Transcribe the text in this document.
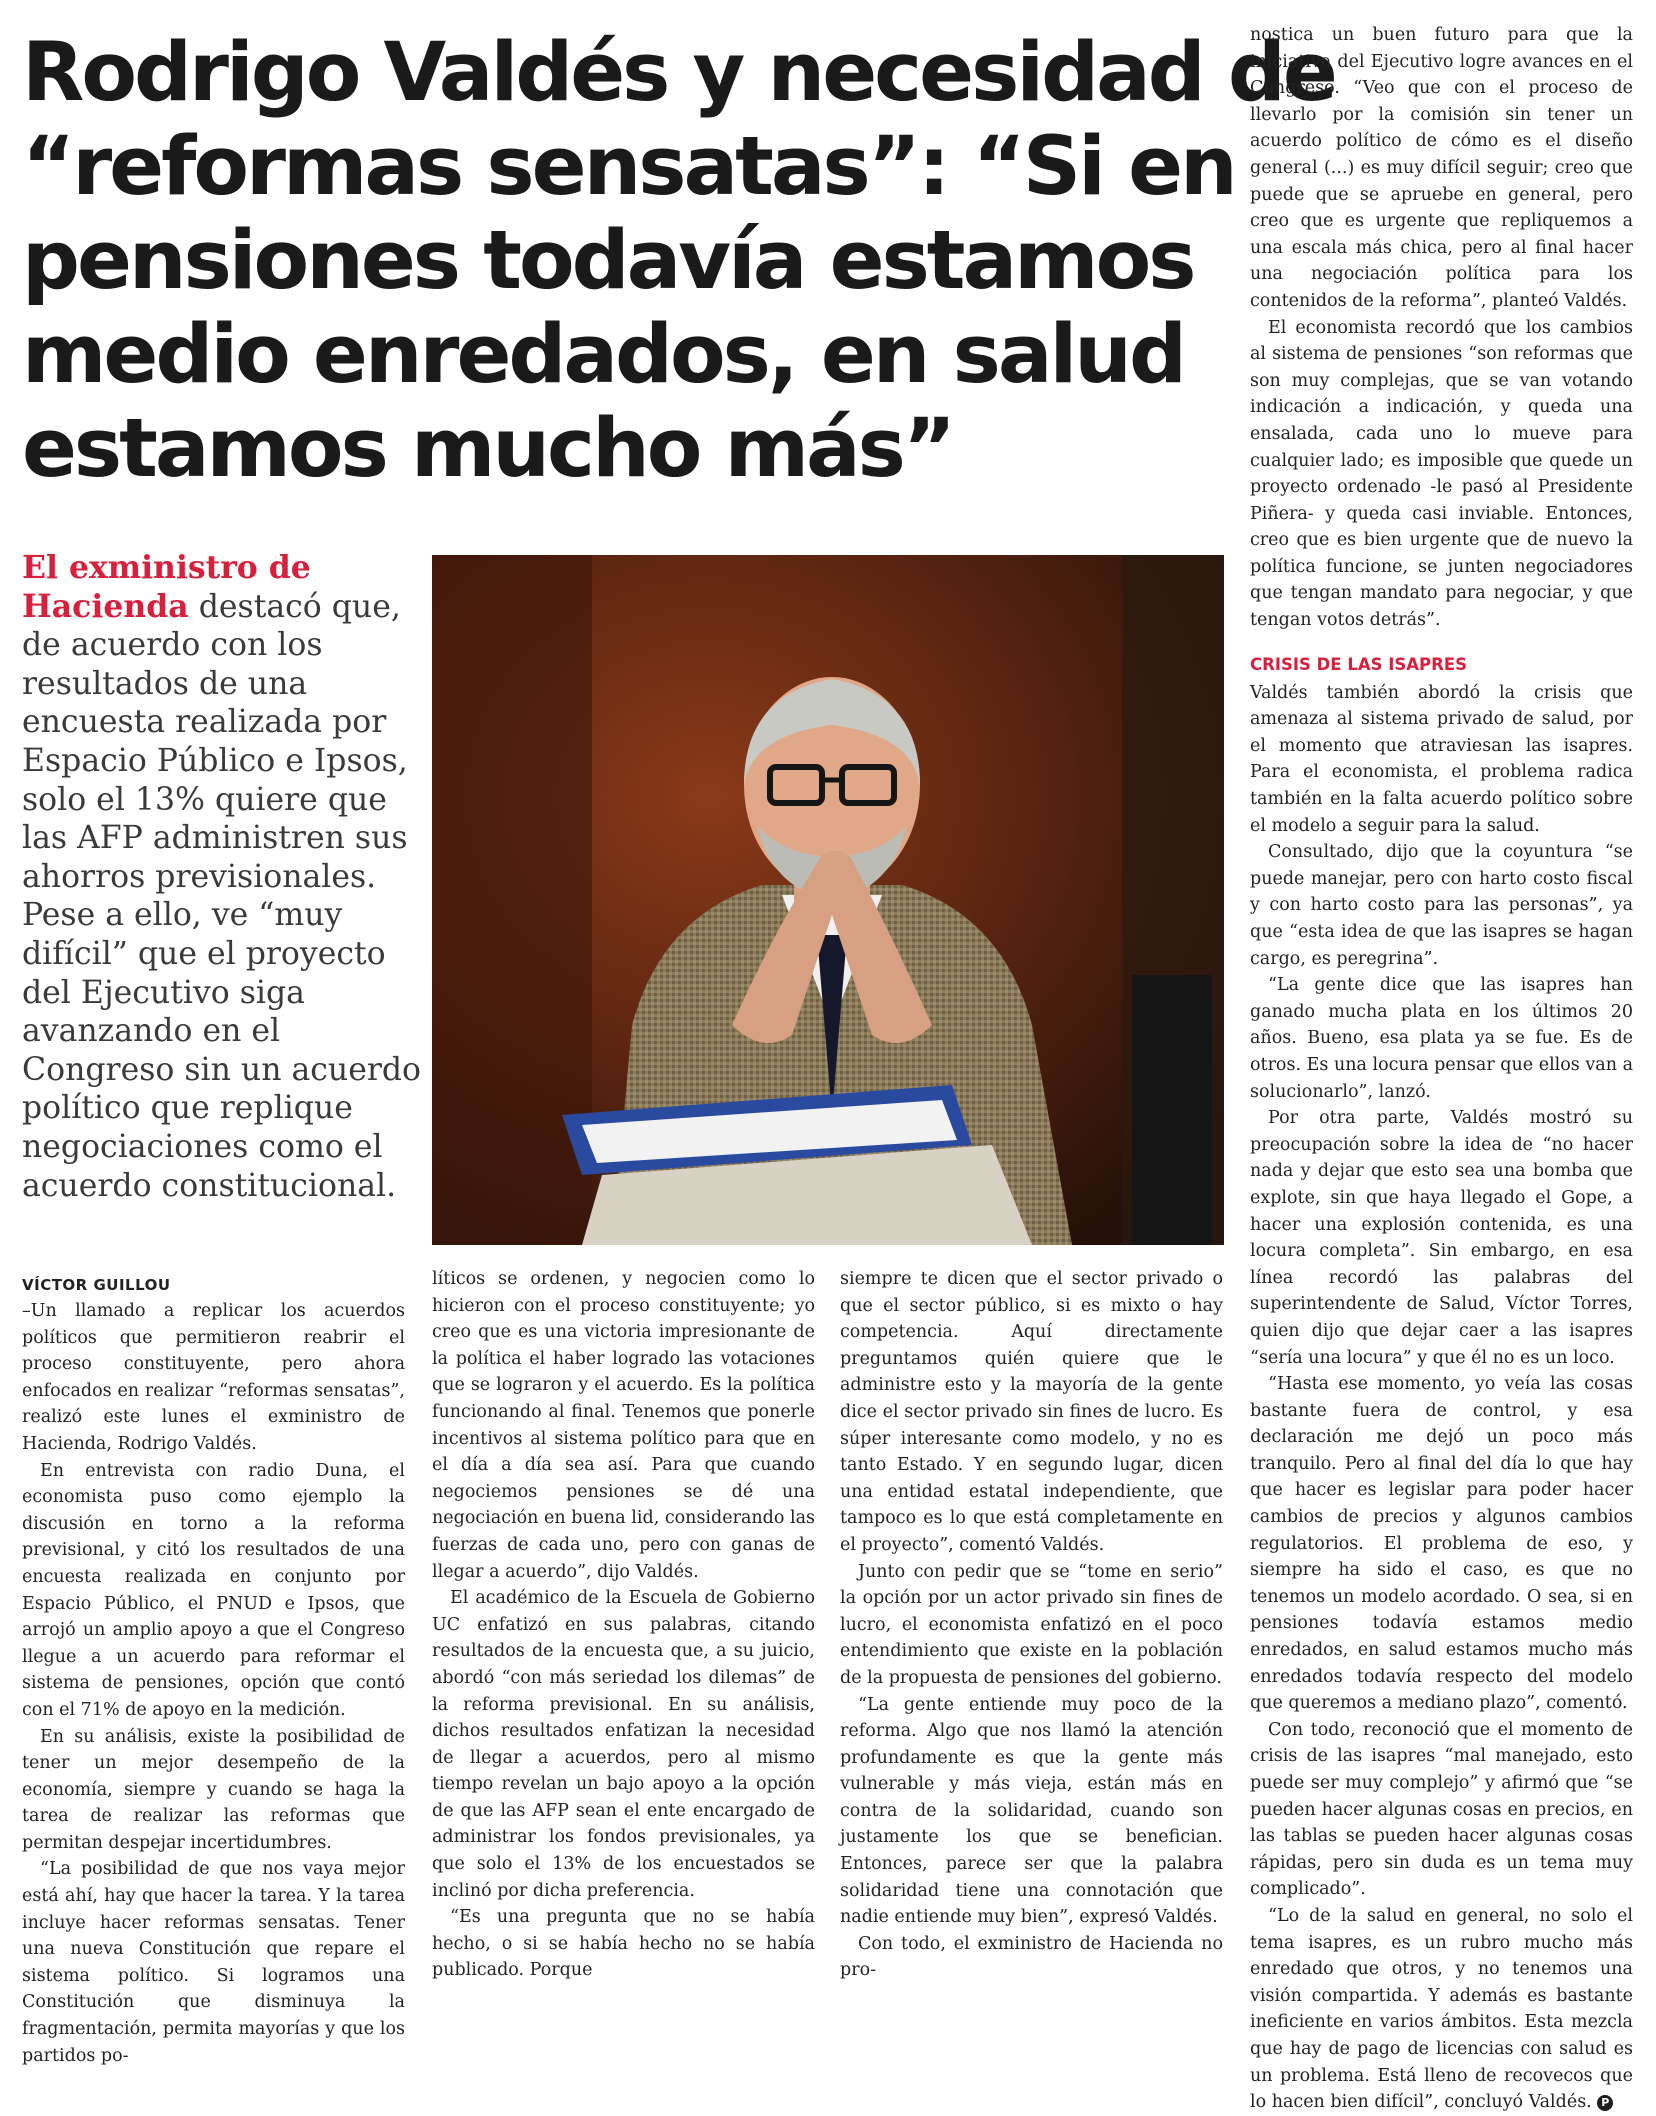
Rodrigo Valdés y necesidad de
“reformas sensatas”: “Si en
pensiones todavía estamos
medio enredados, en salud
estamos mucho más”
El exministro de
Hacienda destacó que,
de acuerdo con los
resultados de una
encuesta realizada por
Espacio Público e Ipsos,
solo el 13% quiere que
las AFP administren sus
ahorros previsionales.
Pese a ello, ve “muy
difícil” que el proyecto
del Ejecutivo siga
avanzando en el
Congreso sin un acuerdo
político que replique
negociaciones como el
acuerdo constitucional.
VÍCTOR GUILLOU

–Un llamado a replicar los acuerdos políticos que permitieron reabrir el proceso constituyente, pero ahora enfocados en realizar “reformas sensatas”, realizó este lunes el exministro de Hacienda, Rodrigo Valdés.

En entrevista con radio Duna, el economista puso como ejemplo la discusión en torno a la reforma previsional, y citó los resultados de una encuesta realizada en conjunto por Espacio Público, el PNUD e Ipsos, que arrojó un amplio apoyo a que el Congreso llegue a un acuerdo para reformar el sistema de pensiones, opción que contó con el 71% de apoyo en la medición.

En su análisis, existe la posibilidad de tener un mejor desempeño de la economía, siempre y cuando se haga la tarea de realizar las reformas que permitan despejar incertidumbres.

“La posibilidad de que nos vaya mejor está ahí, hay que hacer la tarea. Y la tarea incluye hacer reformas sensatas. Tener una nueva Constitución que repare el sistema político. Si logramos una Constitución que disminuya la fragmentación, permita mayorías y que los partidos po-

líticos se ordenen, y negocien como lo hicieron con el proceso constituyente; yo creo que es una victoria impresionante de la política el haber logrado las votaciones que se lograron y el acuerdo. Es la política funcionando al final. Tenemos que ponerle incentivos al sistema político para que en el día a día sea así. Para que cuando negociemos pensiones se dé una negociación en buena lid, considerando las fuerzas de cada uno, pero con ganas de llegar a acuerdo”, dijo Valdés.

El académico de la Escuela de Gobierno UC enfatizó en sus palabras, citando resultados de la encuesta que, a su juicio, abordó “con más seriedad los dilemas” de la reforma previsional. En su análisis, dichos resultados enfatizan la necesidad de llegar a acuerdos, pero al mismo tiempo revelan un bajo apoyo a la opción de que las AFP sean el ente encargado de administrar los fondos previsionales, ya que solo el 13% de los encuestados se inclinó por dicha preferencia.

“Es una pregunta que no se había hecho, o si se había hecho no se había publicado. Porque

siempre te dicen que el sector privado o que el sector público, si es mixto o hay competencia. Aquí directamente preguntamos quién quiere que le administre esto y la mayoría de la gente dice el sector privado sin fines de lucro. Es súper interesante como modelo, y no es tanto Estado. Y en segundo lugar, dicen una entidad estatal independiente, que tampoco es lo que está completamente en el proyecto”, comentó Valdés.

Junto con pedir que se “tome en serio” la opción por un actor privado sin fines de lucro, el economista enfatizó en el poco entendimiento que existe en la población de la propuesta de pensiones del gobierno.

“La gente entiende muy poco de la reforma. Algo que nos llamó la atención profundamente es que la gente más vulnerable y más vieja, están más en contra de la solidaridad, cuando son justamente los que se benefician. Entonces, parece ser que la palabra solidaridad tiene una connotación que nadie entiende muy bien”, expresó Valdés.

Con todo, el exministro de Hacienda no pro-

nostica un buen futuro para que la iniciativa del Ejecutivo logre avances en el Congreso. “Veo que con el proceso de llevarlo por la comisión sin tener un acuerdo político de cómo es el diseño general (...) es muy difícil seguir; creo que puede que se apruebe en general, pero creo que es urgente que repliquemos a una escala más chica, pero al final hacer una negociación política para los contenidos de la reforma”, planteó Valdés.

El economista recordó que los cambios al sistema de pensiones “son reformas que son muy complejas, que se van votando indicación a indicación, y queda una ensalada, cada uno lo mueve para cualquier lado; es imposible que quede un proyecto ordenado -le pasó al Presidente Piñera- y queda casi inviable. Entonces, creo que es bien urgente que de nuevo la política funcione, se junten negociadores que tengan mandato para negociar, y que tengan votos detrás”.

CRISIS DE LAS ISAPRES

Valdés también abordó la crisis que amenaza al sistema privado de salud, por el momento que atraviesan las isapres. Para el economista, el problema radica también en la falta acuerdo político sobre el modelo a seguir para la salud.

Consultado, dijo que la coyuntura “se puede manejar, pero con harto costo fiscal y con harto costo para las personas”, ya que “esta idea de que las isapres se hagan cargo, es peregrina”.

“La gente dice que las isapres han ganado mucha plata en los últimos 20 años. Bueno, esa plata ya se fue. Es de otros. Es una locura pensar que ellos van a solucionarlo”, lanzó.

Por otra parte, Valdés mostró su preocupación sobre la idea de “no hacer nada y dejar que esto sea una bomba que explote, sin que haya llegado el Gope, a hacer una explosión contenida, es una locura completa”. Sin embargo, en esa línea recordó las palabras del superintendente de Salud, Víctor Torres, quien dijo que dejar caer a las isapres “sería una locura” y que él no es un loco.

“Hasta ese momento, yo veía las cosas bastante fuera de control, y esa declaración me dejó un poco más tranquilo. Pero al final del día lo que hay que hacer es legislar para poder hacer cambios de precios y algunos cambios regulatorios. El problema de eso, y siempre ha sido el caso, es que no tenemos un modelo acordado. O sea, si en pensiones todavía estamos medio enredados, en salud estamos mucho más enredados todavía respecto del modelo que queremos a mediano plazo”, comentó.

Con todo, reconoció que el momento de crisis de las isapres “mal manejado, esto puede ser muy complejo” y afirmó que “se pueden hacer algunas cosas en precios, en las tablas se pueden hacer algunas cosas rápidas, pero sin duda es un tema muy complicado”.

“Lo de la salud en general, no solo el tema isapres, es un rubro mucho más enredado que otros, y no tenemos una visión compartida. Y además es bastante ineficiente en varios ámbitos. Esta mezcla que hay de pago de licencias con salud es un problema. Está lleno de recovecos que lo hacen bien difícil”, concluyó Valdés. P
